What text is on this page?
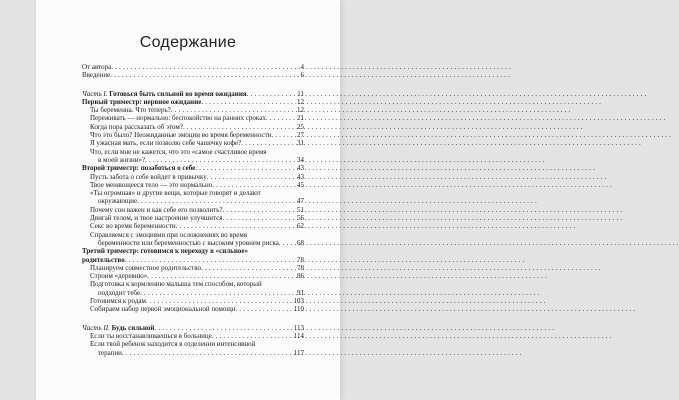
Содержание
От автора . . .	4
Введение . . .	6
Часть I. Готовься быть сильной во время ожидания . . .	11
Первый триместр: нервное ожидание . . .	12
Ты беременна. Что теперь? . . .	12
Переживать — нормально: беспокойство на ранних сроках . . .	21
Когда пора рассказать об этом? . . .	25
Что это было? Неожиданные эмоции во время беременности . . .	27
Я ужасная мать, если позволю себе чашечку кофе? . . .	31
Что, если мне не кажется, что это «самое счастливое время
в моей жизни»? . . .	34
Второй триместр: позаботься о себе . . .	43
Пусть забота о себе войдет в привычку . . .	43
Твое меняющееся тело — это нормально . . .	45
«Ты огромная» и другие вещи, которые говорят и делают
окружающие . . .	47
Почему сон важен и как себе его позволить? . . .	51
Двигай телом, и твое настроение улучшится . . .	56
Секс во время беременности . . .	62
Справляемся с эмоциями при осложнениях во время
беременности или беременностью с высоким уровнем риска . . .	68
Третий триместр: готовимся к переходу в «сильное»
родительство . . .	78
Планируем совместное родительство . . .	78
Строим «деревню» . . .	86
Подготовка к кормлению малыша тем способом, который
подходит тебе . . .	91
Готовимся к родам . . .	103
Собираем набор первой эмоциональной помощи . . .	110
Часть II. Будь сильной . . .	113
Если ты восстанавливаешься в больнице . . .	114
Если твой ребенок находится в отделении интенсивной
терапии . . .	117
